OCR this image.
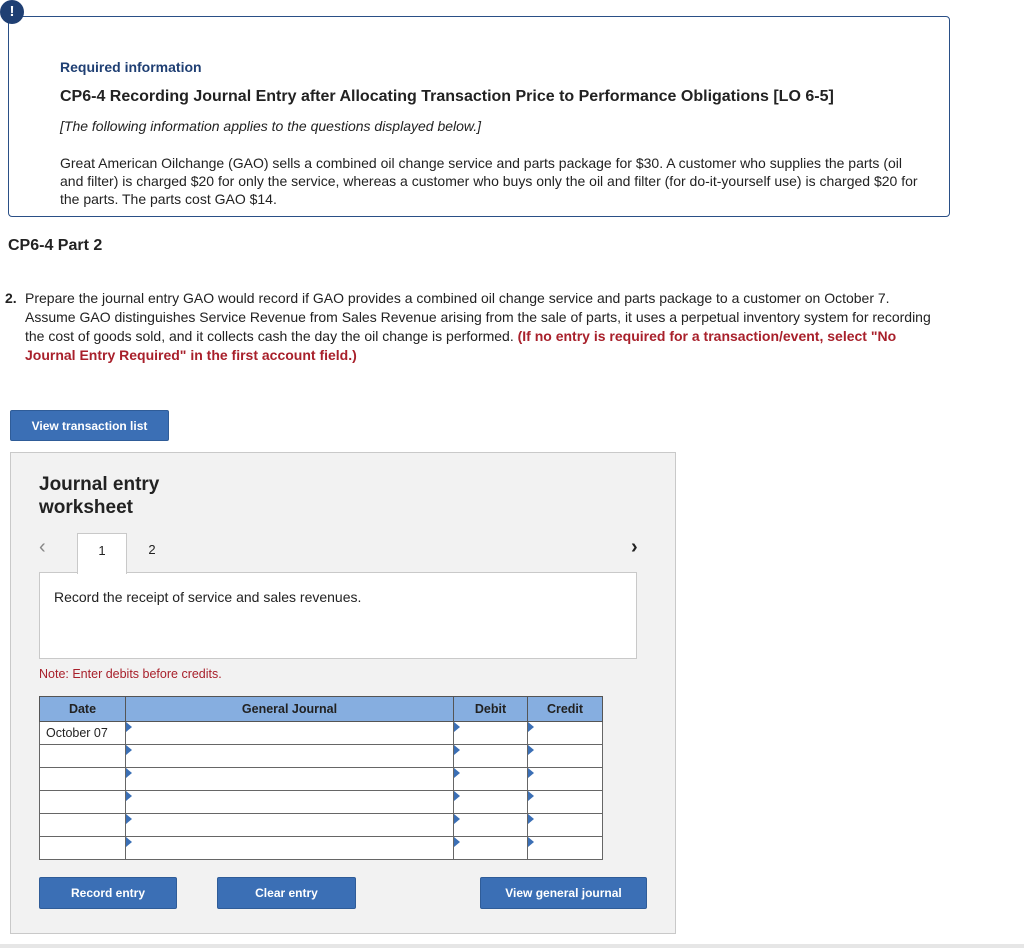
Required information
CP6-4 Recording Journal Entry after Allocating Transaction Price to Performance Obligations [LO 6-5]
[The following information applies to the questions displayed below.]
Great American Oilchange (GAO) sells a combined oil change service and parts package for $30. A customer who supplies the parts (oil and filter) is charged $20 for only the service, whereas a customer who buys only the oil and filter (for do-it-yourself use) is charged $20 for the parts. The parts cost GAO $14.
!
CP6-4 Part 2
2. Prepare the journal entry GAO would record if GAO provides a combined oil change service and parts package to a customer on October 7. Assume GAO distinguishes Service Revenue from Sales Revenue arising from the sale of parts, it uses a perpetual inventory system for recording the cost of goods sold, and it collects cash the day the oil change is performed. (If no entry is required for a transaction/event, select "No Journal Entry Required" in the first account field.)
View transaction list
Journal entry
worksheet
‹	1	2	›
Record the receipt of service and sales revenues.
Note: Enter debits before credits.
Date	General Journal	Debit	Credit
October 07	

Record entry	Clear entry	View general journal
